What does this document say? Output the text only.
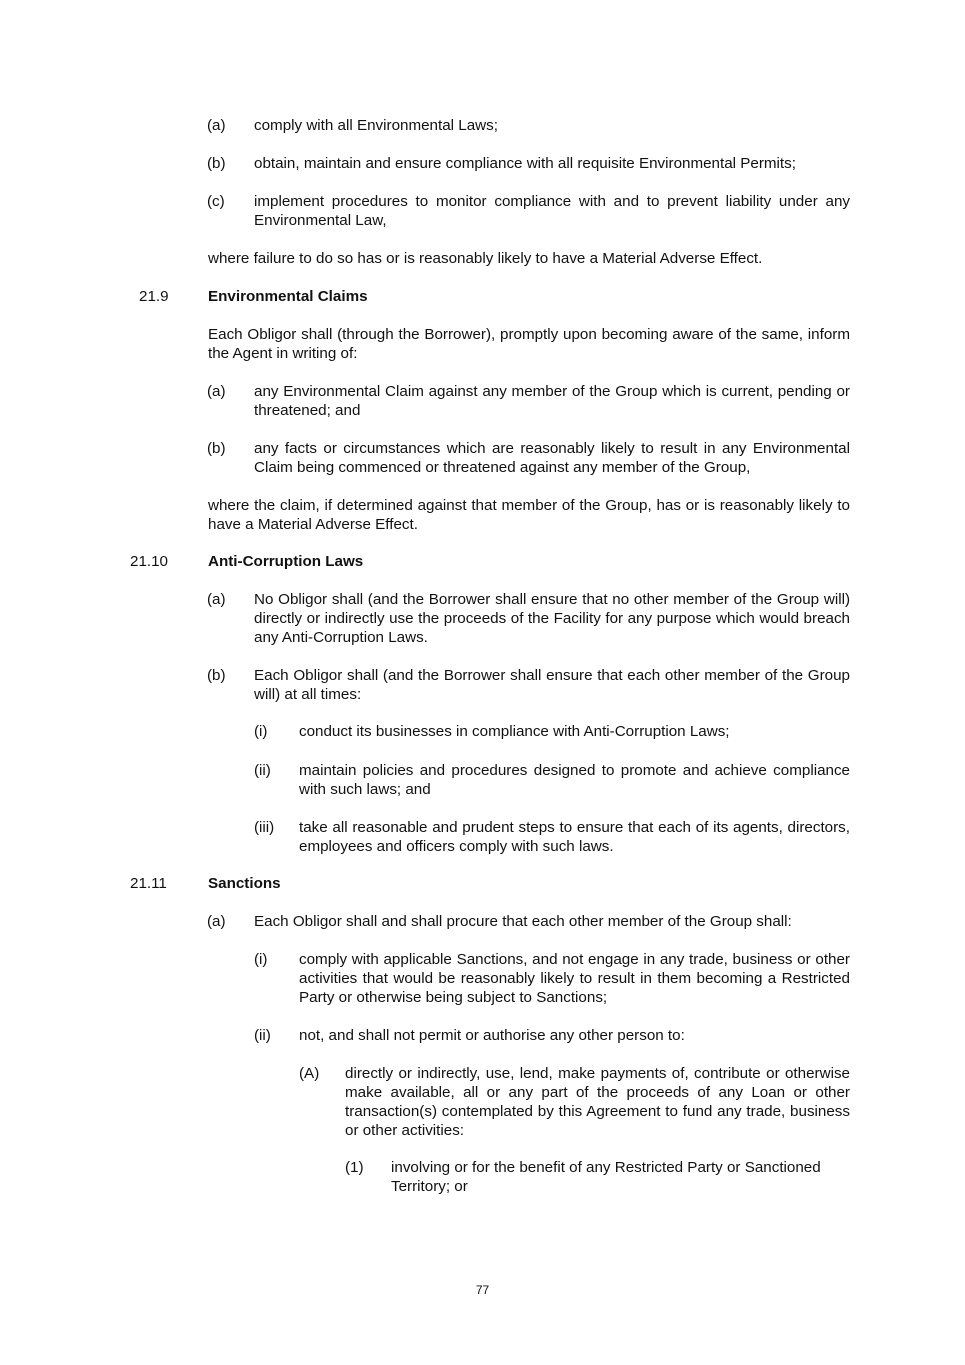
(a) comply with all Environmental Laws;
(b) obtain, maintain and ensure compliance with all requisite Environmental Permits;
(c) implement procedures to monitor compliance with and to prevent liability under any Environmental Law,
where failure to do so has or is reasonably likely to have a Material Adverse Effect.
21.9	Environmental Claims
Each Obligor shall (through the Borrower), promptly upon becoming aware of the same, inform the Agent in writing of:
(a) any Environmental Claim against any member of the Group which is current, pending or threatened; and
(b) any facts or circumstances which are reasonably likely to result in any Environmental Claim being commenced or threatened against any member of the Group,
where the claim, if determined against that member of the Group, has or is reasonably likely to have a Material Adverse Effect.
21.10	Anti-Corruption Laws
(a) No Obligor shall (and the Borrower shall ensure that no other member of the Group will) directly or indirectly use the proceeds of the Facility for any purpose which would breach any Anti-Corruption Laws.
(b) Each Obligor shall (and the Borrower shall ensure that each other member of the Group will) at all times:
(i) conduct its businesses in compliance with Anti-Corruption Laws;
(ii) maintain policies and procedures designed to promote and achieve compliance with such laws; and
(iii) take all reasonable and prudent steps to ensure that each of its agents, directors, employees and officers comply with such laws.
21.11	Sanctions
(a) Each Obligor shall and shall procure that each other member of the Group shall:
(i) comply with applicable Sanctions, and not engage in any trade, business or other activities that would be reasonably likely to result in them becoming a Restricted Party or otherwise being subject to Sanctions;
(ii) not, and shall not permit or authorise any other person to:
(A) directly or indirectly, use, lend, make payments of, contribute or otherwise make available, all or any part of the proceeds of any Loan or other transaction(s) contemplated by this Agreement to fund any trade, business or other activities:
(1) involving or for the benefit of any Restricted Party or Sanctioned Territory; or
77
